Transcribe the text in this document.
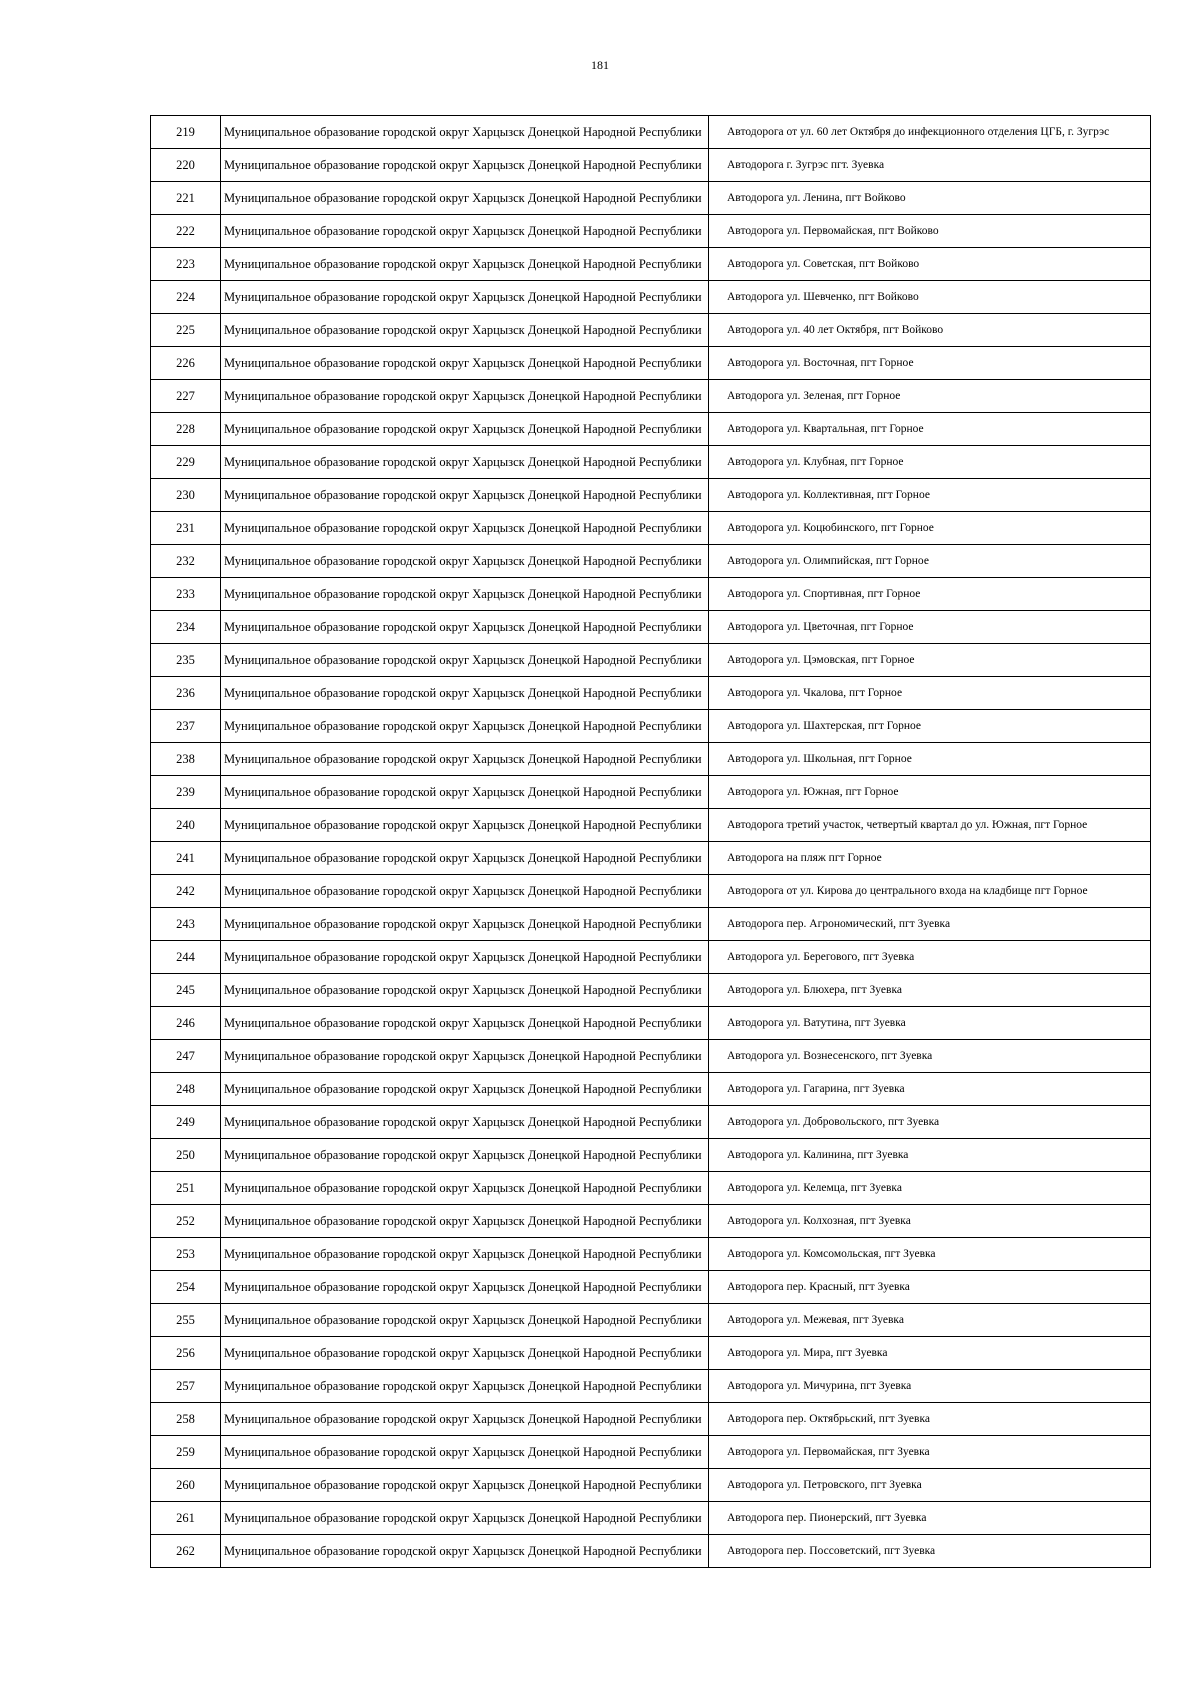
181
219	Муниципальное образование городской округ Харцызск Донецкой Народной Республики	Автодорога от ул. 60 лет Октября до инфекционного отделения ЦГБ, г. Зугрэс
220	Муниципальное образование городской округ Харцызск Донецкой Народной Республики	Автодорога г. Зугрэс пгт. Зуевка
221	Муниципальное образование городской округ Харцызск Донецкой Народной Республики	Автодорога ул. Ленина, пгт Войково
222	Муниципальное образование городской округ Харцызск Донецкой Народной Республики	Автодорога ул. Первомайская, пгт Войково
223	Муниципальное образование городской округ Харцызск Донецкой Народной Республики	Автодорога ул. Советская, пгт Войково
224	Муниципальное образование городской округ Харцызск Донецкой Народной Республики	Автодорога ул. Шевченко, пгт Войково
225	Муниципальное образование городской округ Харцызск Донецкой Народной Республики	Автодорога ул. 40 лет Октября, пгт Войково
226	Муниципальное образование городской округ Харцызск Донецкой Народной Республики	Автодорога ул. Восточная, пгт Горное
227	Муниципальное образование городской округ Харцызск Донецкой Народной Республики	Автодорога ул. Зеленая, пгт Горное
228	Муниципальное образование городской округ Харцызск Донецкой Народной Республики	Автодорога ул. Квартальная, пгт Горное
229	Муниципальное образование городской округ Харцызск Донецкой Народной Республики	Автодорога ул. Клубная, пгт Горное
230	Муниципальное образование городской округ Харцызск Донецкой Народной Республики	Автодорога ул. Коллективная, пгт Горное
231	Муниципальное образование городской округ Харцызск Донецкой Народной Республики	Автодорога ул. Коцюбинского, пгт Горное
232	Муниципальное образование городской округ Харцызск Донецкой Народной Республики	Автодорога ул. Олимпийская, пгт Горное
233	Муниципальное образование городской округ Харцызск Донецкой Народной Республики	Автодорога ул. Спортивная, пгт Горное
234	Муниципальное образование городской округ Харцызск Донецкой Народной Республики	Автодорога ул. Цветочная, пгт Горное
235	Муниципальное образование городской округ Харцызск Донецкой Народной Республики	Автодорога ул. Цэмовская, пгт Горное
236	Муниципальное образование городской округ Харцызск Донецкой Народной Республики	Автодорога ул. Чкалова, пгт Горное
237	Муниципальное образование городской округ Харцызск Донецкой Народной Республики	Автодорога ул. Шахтерская, пгт Горное
238	Муниципальное образование городской округ Харцызск Донецкой Народной Республики	Автодорога ул. Школьная, пгт Горное
239	Муниципальное образование городской округ Харцызск Донецкой Народной Республики	Автодорога ул. Южная, пгт Горное
240	Муниципальное образование городской округ Харцызск Донецкой Народной Республики	Автодорога третий участок, четвертый квартал до ул. Южная, пгт Горное
241	Муниципальное образование городской округ Харцызск Донецкой Народной Республики	Автодорога на пляж пгт Горное
242	Муниципальное образование городской округ Харцызск Донецкой Народной Республики	Автодорога от ул. Кирова до центрального входа на кладбище пгт Горное
243	Муниципальное образование городской округ Харцызск Донецкой Народной Республики	Автодорога пер. Агрономический, пгт Зуевка
244	Муниципальное образование городской округ Харцызск Донецкой Народной Республики	Автодорога ул. Берегового, пгт Зуевка
245	Муниципальное образование городской округ Харцызск Донецкой Народной Республики	Автодорога ул. Блюхера, пгт Зуевка
246	Муниципальное образование городской округ Харцызск Донецкой Народной Республики	Автодорога ул. Ватутина, пгт Зуевка
247	Муниципальное образование городской округ Харцызск Донецкой Народной Республики	Автодорога ул. Вознесенского, пгт Зуевка
248	Муниципальное образование городской округ Харцызск Донецкой Народной Республики	Автодорога ул. Гагарина, пгт Зуевка
249	Муниципальное образование городской округ Харцызск Донецкой Народной Республики	Автодорога ул. Добровольского, пгт Зуевка
250	Муниципальное образование городской округ Харцызск Донецкой Народной Республики	Автодорога ул. Калинина, пгт Зуевка
251	Муниципальное образование городской округ Харцызск Донецкой Народной Республики	Автодорога ул. Келемца, пгт Зуевка
252	Муниципальное образование городской округ Харцызск Донецкой Народной Республики	Автодорога ул. Колхозная, пгт Зуевка
253	Муниципальное образование городской округ Харцызск Донецкой Народной Республики	Автодорога ул. Комсомольская, пгт Зуевка
254	Муниципальное образование городской округ Харцызск Донецкой Народной Республики	Автодорога пер. Красный, пгт Зуевка
255	Муниципальное образование городской округ Харцызск Донецкой Народной Республики	Автодорога ул. Межевая, пгт Зуевка
256	Муниципальное образование городской округ Харцызск Донецкой Народной Республики	Автодорога ул. Мира, пгт Зуевка
257	Муниципальное образование городской округ Харцызск Донецкой Народной Республики	Автодорога ул. Мичурина, пгт Зуевка
258	Муниципальное образование городской округ Харцызск Донецкой Народной Республики	Автодорога пер. Октябрьский, пгт Зуевка
259	Муниципальное образование городской округ Харцызск Донецкой Народной Республики	Автодорога ул. Первомайская, пгт Зуевка
260	Муниципальное образование городской округ Харцызск Донецкой Народной Республики	Автодорога ул. Петровского, пгт Зуевка
261	Муниципальное образование городской округ Харцызск Донецкой Народной Республики	Автодорога пер. Пионерский, пгт Зуевка
262	Муниципальное образование городской округ Харцызск Донецкой Народной Республики	Автодорога пер. Поссоветский, пгт Зуевка
